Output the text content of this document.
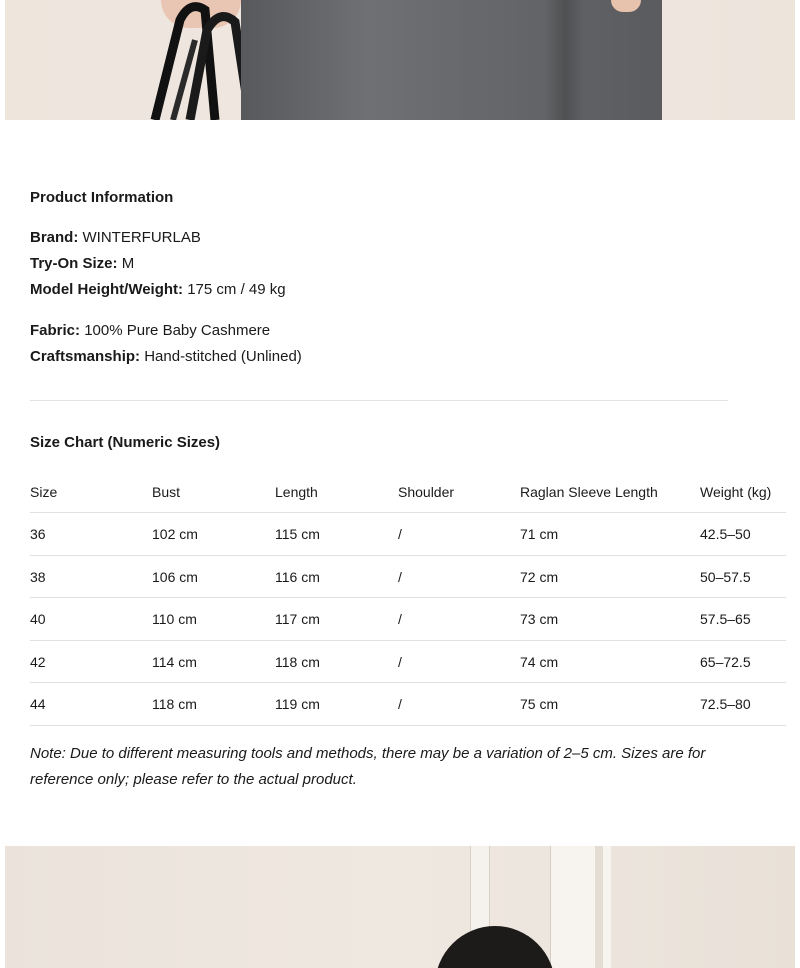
Product Information
Brand: WINTERFURLAB
Try-On Size: M
Model Height/Weight: 175 cm / 49 kg
Fabric: 100% Pure Baby Cashmere
Craftsmanship: Hand-stitched (Unlined)
Size Chart (Numeric Sizes)
Size	Bust	Length	Shoulder	Raglan Sleeve Length	Weight (kg)
36	102 cm	115 cm	/	71 cm	42.5–50
38	106 cm	116 cm	/	72 cm	50–57.5
40	110 cm	117 cm	/	73 cm	57.5–65
42	114 cm	118 cm	/	74 cm	65–72.5
44	118 cm	119 cm	/	75 cm	72.5–80
Note: Due to different measuring tools and methods, there may be a variation of 2–5 cm. Sizes are for reference only; please refer to the actual product.
